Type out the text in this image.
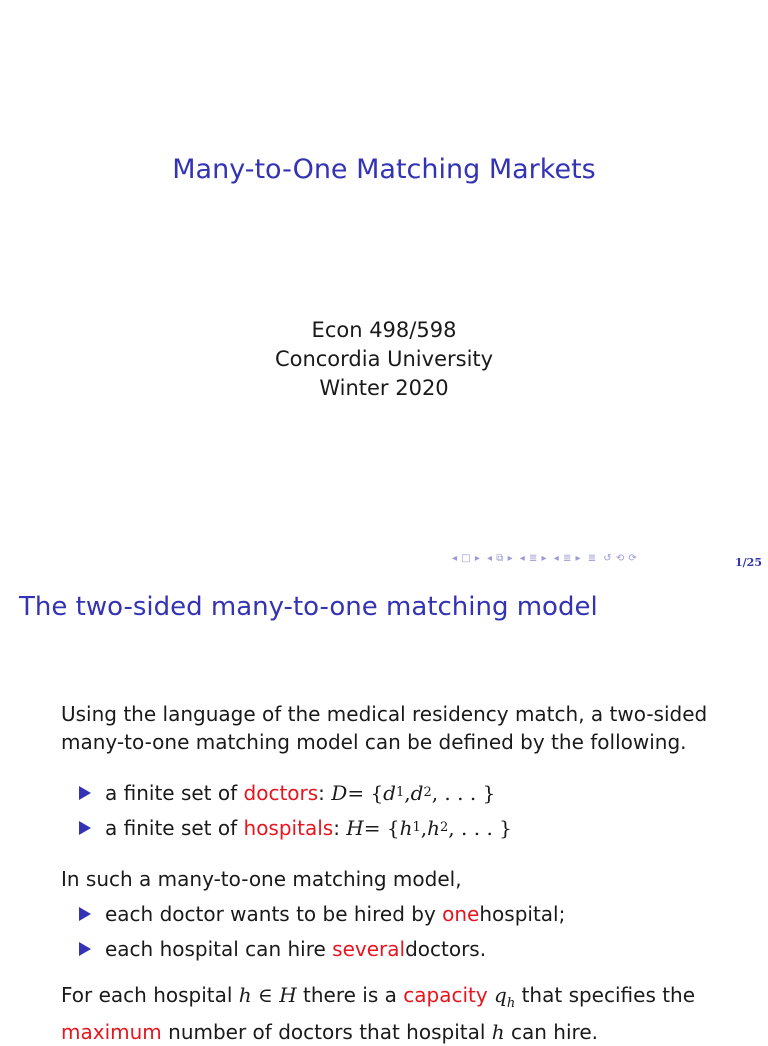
Many-to-One Matching Markets
Econ 498/598
Concordia University
Winter 2020
◂ □ ▸ ◂ ⧉ ▸ ◂ ≣ ▸ ◂ ≣ ▸ ≣ ↺ ⟲ ⟳	1/25
The two-sided many-to-one matching model
Using the language of the medical residency match, a two-sided
many-to-one matching model can be defined by the following.
a finite set of
doctors :
D = { d 1 , d 2 , . . . }
a finite set of
hospitals :
H = { h 1 , h 2 , . . . }
In such a many-to-one matching model,
each doctor wants to be hired by
one hospital;
each hospital can hire
several doctors.
For each hospital h ∈ H there is a capacity $q_h$ that specifies the
maximum number of doctors that hospital h can hire.
